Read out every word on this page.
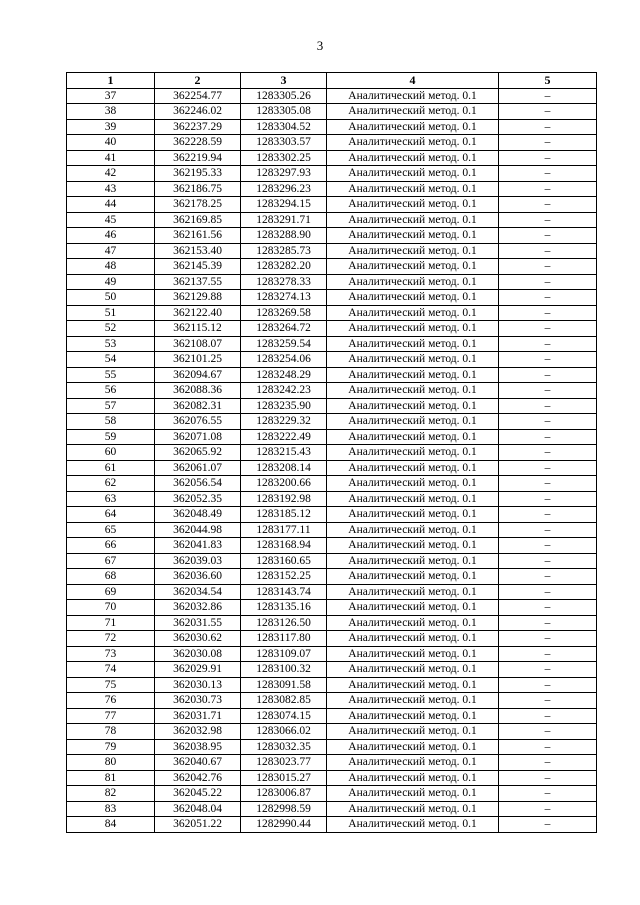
3
1	2	3	4	5
37	362254.77	1283305.26	Аналитический метод. 0.1	–
38	362246.02	1283305.08	Аналитический метод. 0.1	–
39	362237.29	1283304.52	Аналитический метод. 0.1	–
40	362228.59	1283303.57	Аналитический метод. 0.1	–
41	362219.94	1283302.25	Аналитический метод. 0.1	–
42	362195.33	1283297.93	Аналитический метод. 0.1	–
43	362186.75	1283296.23	Аналитический метод. 0.1	–
44	362178.25	1283294.15	Аналитический метод. 0.1	–
45	362169.85	1283291.71	Аналитический метод. 0.1	–
46	362161.56	1283288.90	Аналитический метод. 0.1	–
47	362153.40	1283285.73	Аналитический метод. 0.1	–
48	362145.39	1283282.20	Аналитический метод. 0.1	–
49	362137.55	1283278.33	Аналитический метод. 0.1	–
50	362129.88	1283274.13	Аналитический метод. 0.1	–
51	362122.40	1283269.58	Аналитический метод. 0.1	–
52	362115.12	1283264.72	Аналитический метод. 0.1	–
53	362108.07	1283259.54	Аналитический метод. 0.1	–
54	362101.25	1283254.06	Аналитический метод. 0.1	–
55	362094.67	1283248.29	Аналитический метод. 0.1	–
56	362088.36	1283242.23	Аналитический метод. 0.1	–
57	362082.31	1283235.90	Аналитический метод. 0.1	–
58	362076.55	1283229.32	Аналитический метод. 0.1	–
59	362071.08	1283222.49	Аналитический метод. 0.1	–
60	362065.92	1283215.43	Аналитический метод. 0.1	–
61	362061.07	1283208.14	Аналитический метод. 0.1	–
62	362056.54	1283200.66	Аналитический метод. 0.1	–
63	362052.35	1283192.98	Аналитический метод. 0.1	–
64	362048.49	1283185.12	Аналитический метод. 0.1	–
65	362044.98	1283177.11	Аналитический метод. 0.1	–
66	362041.83	1283168.94	Аналитический метод. 0.1	–
67	362039.03	1283160.65	Аналитический метод. 0.1	–
68	362036.60	1283152.25	Аналитический метод. 0.1	–
69	362034.54	1283143.74	Аналитический метод. 0.1	–
70	362032.86	1283135.16	Аналитический метод. 0.1	–
71	362031.55	1283126.50	Аналитический метод. 0.1	–
72	362030.62	1283117.80	Аналитический метод. 0.1	–
73	362030.08	1283109.07	Аналитический метод. 0.1	–
74	362029.91	1283100.32	Аналитический метод. 0.1	–
75	362030.13	1283091.58	Аналитический метод. 0.1	–
76	362030.73	1283082.85	Аналитический метод. 0.1	–
77	362031.71	1283074.15	Аналитический метод. 0.1	–
78	362032.98	1283066.02	Аналитический метод. 0.1	–
79	362038.95	1283032.35	Аналитический метод. 0.1	–
80	362040.67	1283023.77	Аналитический метод. 0.1	–
81	362042.76	1283015.27	Аналитический метод. 0.1	–
82	362045.22	1283006.87	Аналитический метод. 0.1	–
83	362048.04	1282998.59	Аналитический метод. 0.1	–
84	362051.22	1282990.44	Аналитический метод. 0.1	–
